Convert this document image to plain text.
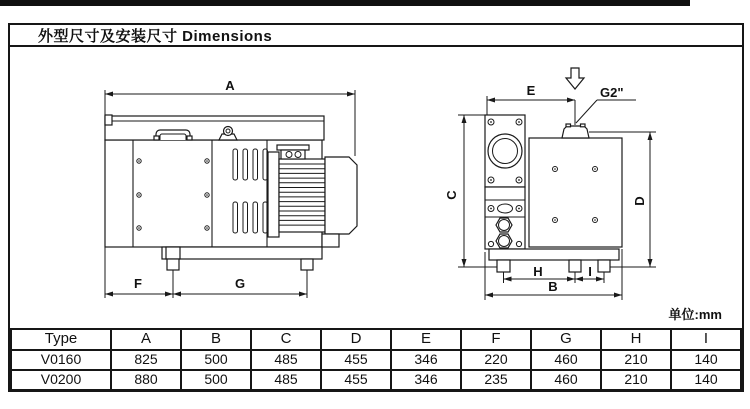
外型尺寸及安装尺寸 Dimensions
A
F	G
G2"
E
C
D
H	I
B
单位:mm
Type	A	B	C	D	E	F	G	H	I
V0160	825	500	485	455	346	220	460	210	140
V0200	880	500	485	455	346	235	460	210	140
